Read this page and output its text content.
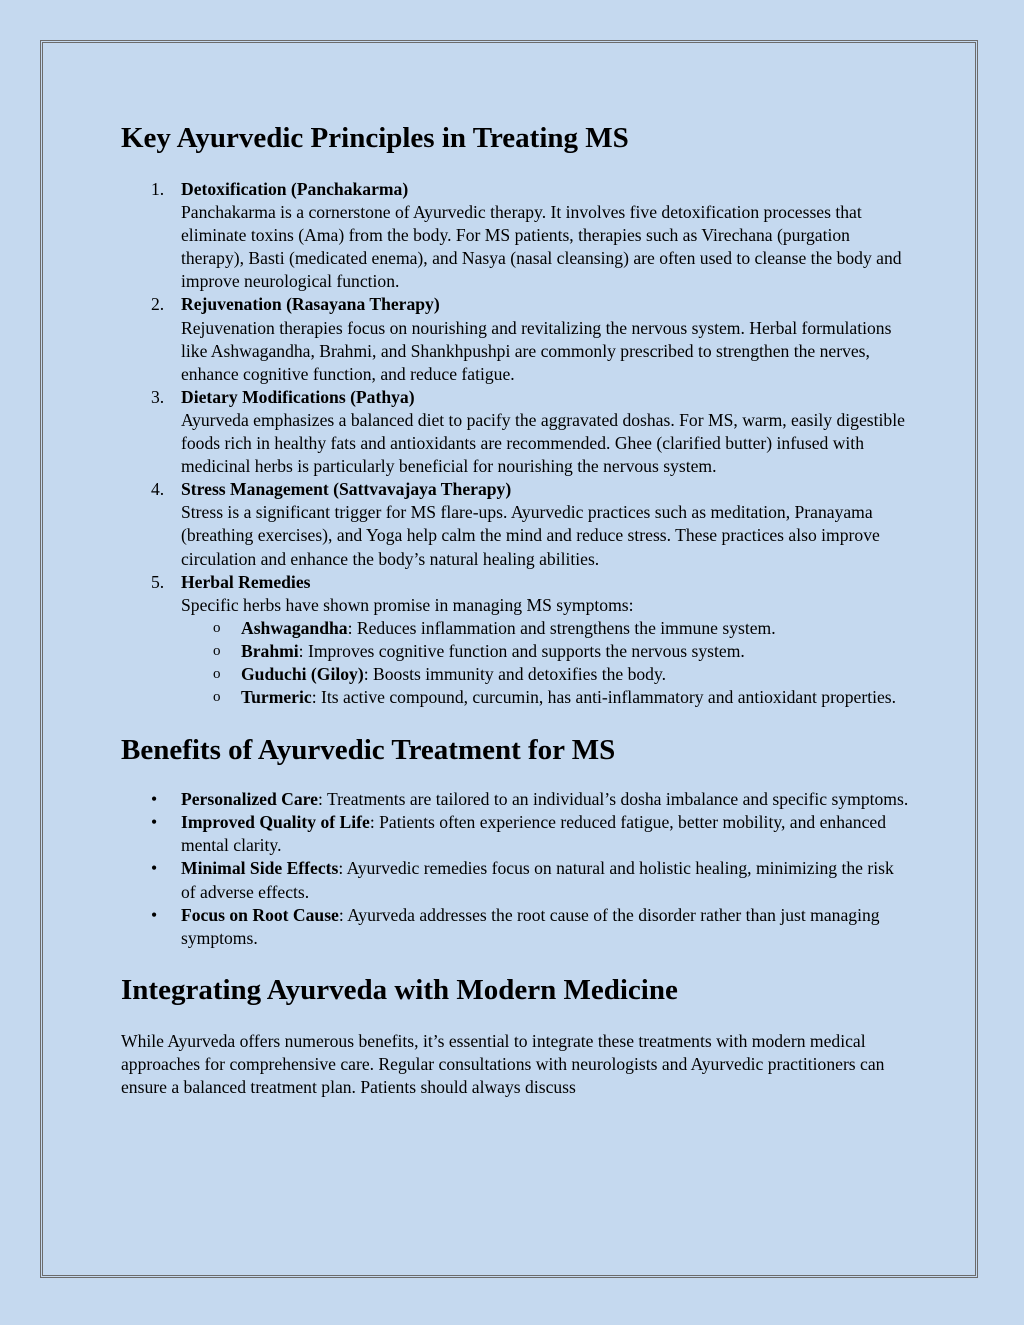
Key Ayurvedic Principles in Treating MS
1. Detoxification (Panchakarma)
Panchakarma is a cornerstone of Ayurvedic therapy. It involves five detoxification processes that eliminate toxins (Ama) from the body. For MS patients, therapies such as Virechana (purgation therapy), Basti (medicated enema), and Nasya (nasal cleansing) are often used to cleanse the body and improve neurological function.
2. Rejuvenation (Rasayana Therapy)
Rejuvenation therapies focus on nourishing and revitalizing the nervous system. Herbal formulations like Ashwagandha, Brahmi, and Shankhpushpi are commonly prescribed to strengthen the nerves, enhance cognitive function, and reduce fatigue.
3. Dietary Modifications (Pathya)
Ayurveda emphasizes a balanced diet to pacify the aggravated doshas. For MS, warm, easily digestible foods rich in healthy fats and antioxidants are recommended. Ghee (clarified butter) infused with medicinal herbs is particularly beneficial for nourishing the nervous system.
4. Stress Management (Sattvavajaya Therapy)
Stress is a significant trigger for MS flare-ups. Ayurvedic practices such as meditation, Pranayama (breathing exercises), and Yoga help calm the mind and reduce stress. These practices also improve circulation and enhance the body’s natural healing abilities.
5. Herbal Remedies
Specific herbs have shown promise in managing MS symptoms:
o Ashwagandha: Reduces inflammation and strengthens the immune system.
o Brahmi: Improves cognitive function and supports the nervous system.
o Guduchi (Giloy): Boosts immunity and detoxifies the body.
o Turmeric: Its active compound, curcumin, has anti-inflammatory and antioxidant properties.
Benefits of Ayurvedic Treatment for MS
• Personalized Care: Treatments are tailored to an individual’s dosha imbalance and specific symptoms.
• Improved Quality of Life: Patients often experience reduced fatigue, better mobility, and enhanced mental clarity.
• Minimal Side Effects: Ayurvedic remedies focus on natural and holistic healing, minimizing the risk of adverse effects.
• Focus on Root Cause: Ayurveda addresses the root cause of the disorder rather than just managing symptoms.
Integrating Ayurveda with Modern Medicine

While Ayurveda offers numerous benefits, it’s essential to integrate these treatments with modern medical approaches for comprehensive care. Regular consultations with neurologists and Ayurvedic practitioners can ensure a balanced treatment plan. Patients should always discuss
